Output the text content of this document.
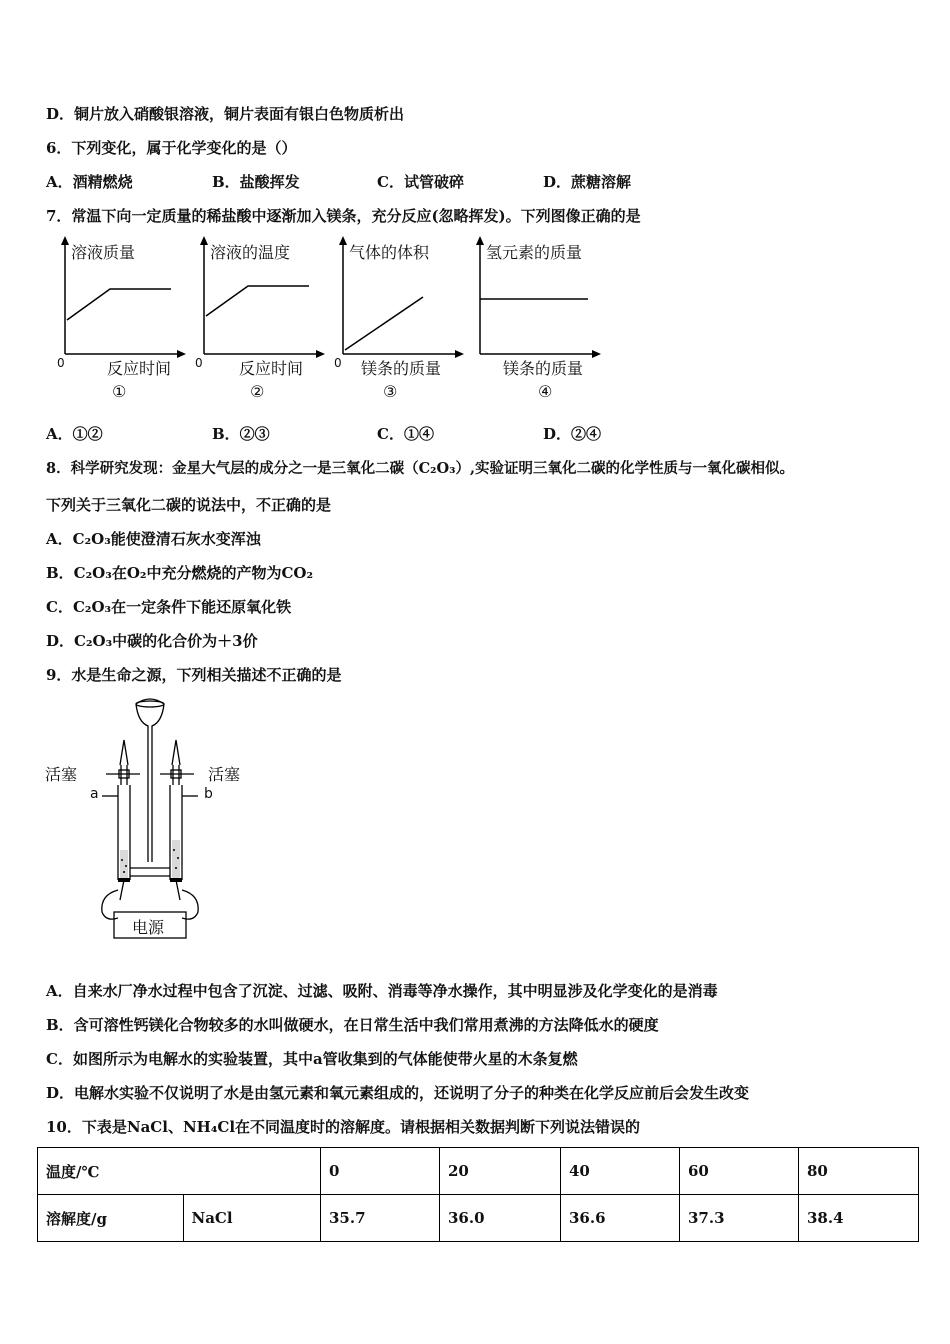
D．铜片放入硝酸银溶液，铜片表面有银白色物质析出
6．下列变化，属于化学变化的是（）
A．酒精燃烧	B．盐酸挥发	C．试管破碎	D．蔗糖溶解
7．常温下向一定质量的稀盐酸中逐渐加入镁条，充分反应(忽略挥发)。下列图像正确的是
溶液质量
0	反应时间
①
溶液的温度
0 反应时间
②
气体的体积
0 镁条的质量
③
氢元素的质量
镁条的质量
④
A．①②	B．②③	C．①④	D．②④
8．科学研究发现：金星大气层的成分之一是三氧化二碳（C₂O₃）,实验证明三氧化二碳的化学性质与一氧化碳相似。
下列关于三氧化二碳的说法中，不正确的是
A．C₂O₃能使澄清石灰水变浑浊
B．C₂O₃在O₂中充分燃烧的产物为CO₂
C．C₂O₃在一定条件下能还原氧化铁
D．C₂O₃中碳的化合价为＋3价
9．水是生命之源，下列相关描述不正确的是
活塞	活塞
a	b
电源
A．自来水厂净水过程中包含了沉淀、过滤、吸附、消毒等净水操作，其中明显涉及化学变化的是消毒
B．含可溶性钙镁化合物较多的水叫做硬水，在日常生活中我们常用煮沸的方法降低水的硬度
C．如图所示为电解水的实验装置，其中a管收集到的气体能使带火星的木条复燃
D．电解水实验不仅说明了水是由氢元素和氧元素组成的，还说明了分子的种类在化学反应前后会发生改变
10．下表是NaCl、NH₄Cl在不同温度时的溶解度。请根据相关数据判断下列说法错误的
温度/℃		0	20	40	60	80
溶解度/g	NaCl	35.7	36.0	36.6	37.3	38.4
